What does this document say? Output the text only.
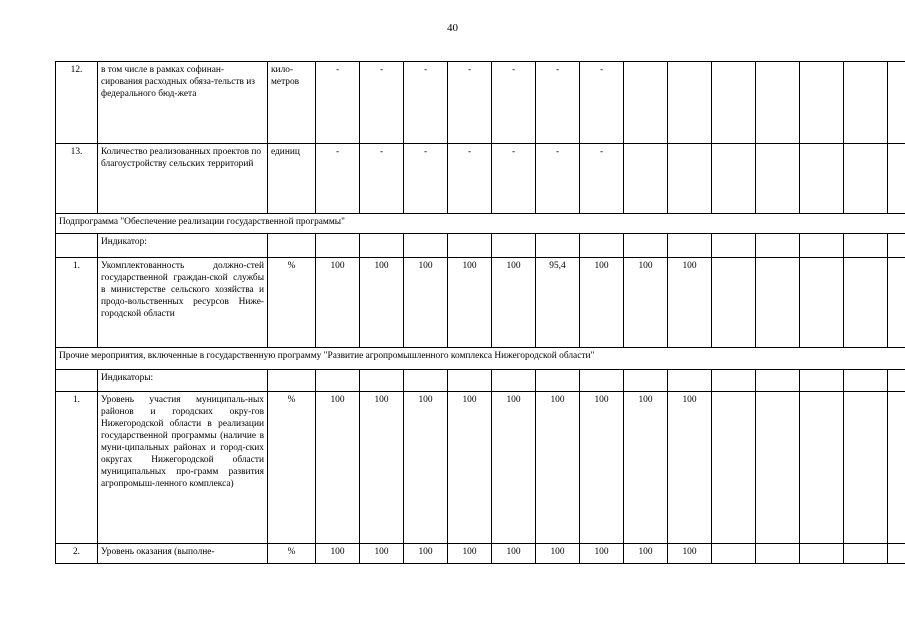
40
12.	в том числе в рамках софинан-сирования расходных обяза-тельств из федерального бюд-жета	кило-метров	-	-	-	-	-	-	-							
13.	Количество реализованных проектов по благоустройству сельских территорий	единиц	-	-	-	-	-	-	-							
Подпрограмма "Обеспечение реализации государственной программы"																
	Индикатор:															
1.	Укомплектованность должно-стей государственной граждан-ской службы в министерстве сельского хозяйства и продо-вольственных ресурсов Ниже-городской области	%	100	100	100	100	100	95,4	100	100	100					
Прочие мероприятия, включенные в государственную программу "Развитие агропромышленного комплекса Нижегородской области"																
	Индикаторы:															
1.	Уровень участия муниципаль-ных районов и городских окру-гов Нижегородской области в реализации государственной программы (наличие в муни-ципальных районах и город-ских округах Нижегородской области муниципальных про-грамм развития агропромыш-ленного комплекса)	%	100	100	100	100	100	100	100	100	100					
2.	Уровень оказания (выполне-	%	100	100	100	100	100	100	100	100	100					
